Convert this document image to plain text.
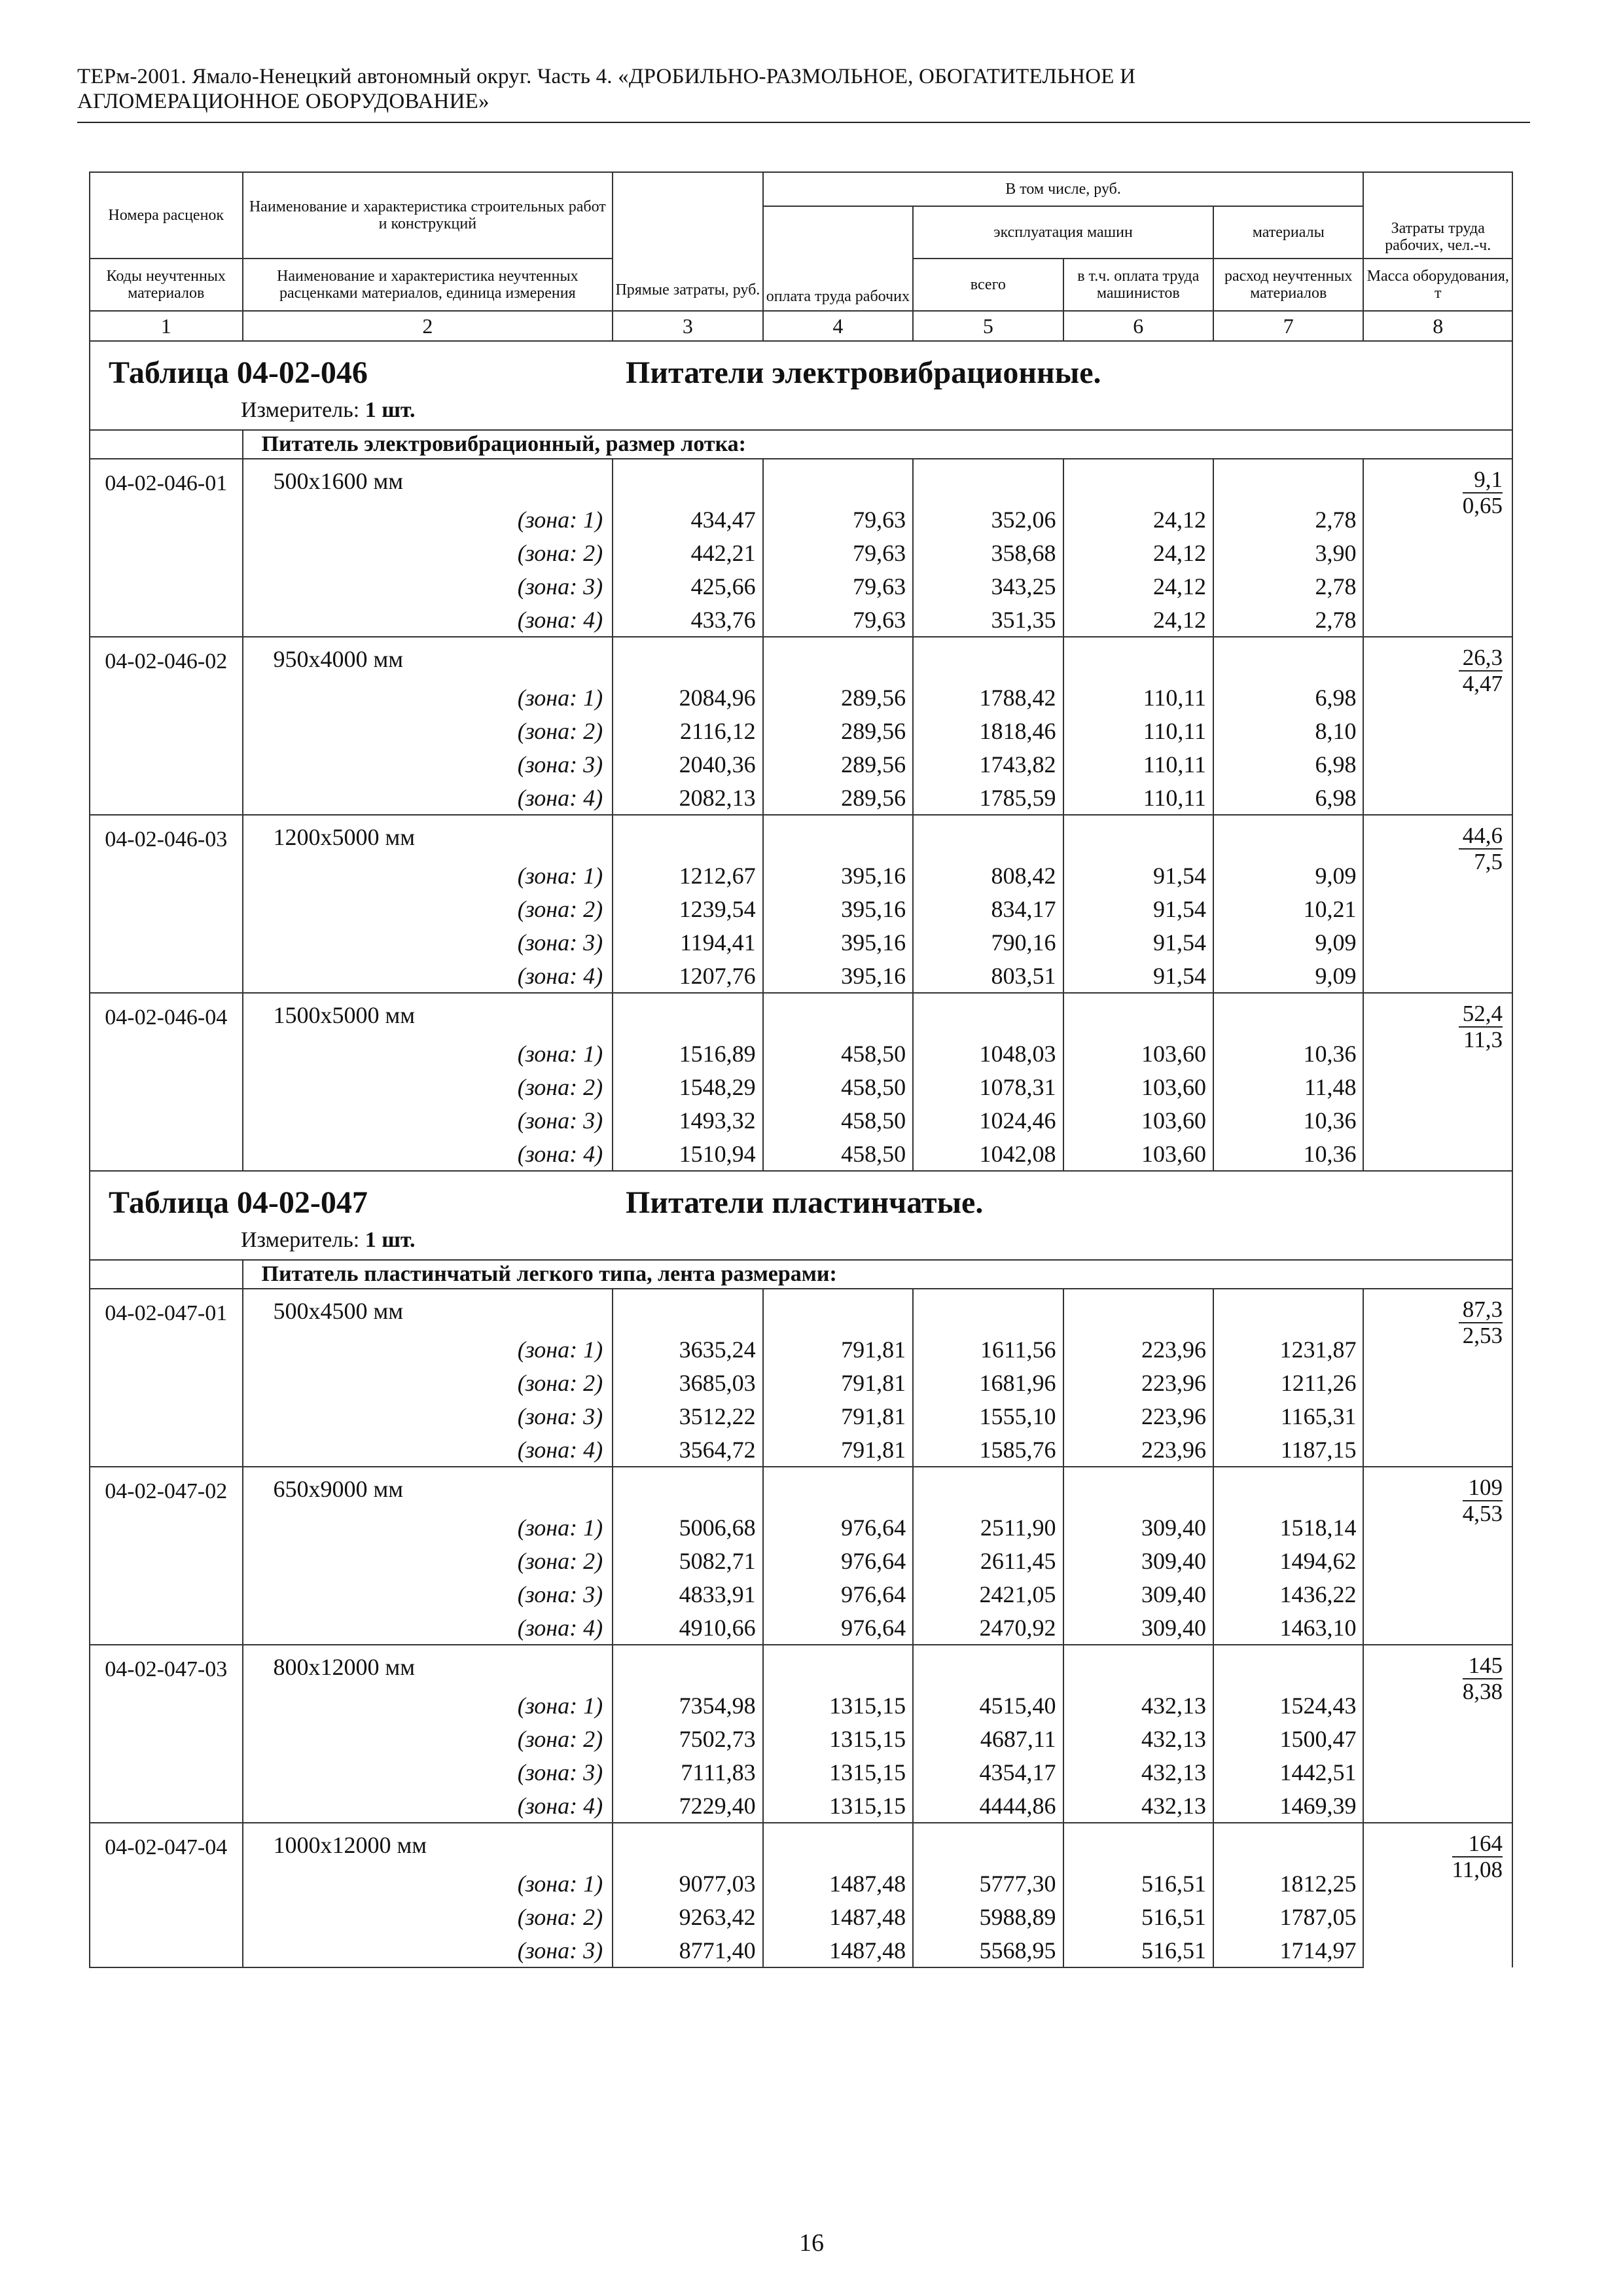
ТЕРм-2001. Ямало-Ненецкий автономный округ. Часть 4. «ДРОБИЛЬНО-РАЗМОЛЬНОЕ, ОБОГАТИТЕЛЬНОЕ И
АГЛОМЕРАЦИОННОЕ ОБОРУДОВАНИЕ»
Номера расценок	Наименование и характеристика строительных работ и конструкций	Прямые затраты, руб.	В том числе, руб.				Затраты труда рабочих, чел.-ч.
			оплата труда рабочих	эксплуатация машин		материалы	
Коды неучтенных материалов	Наименование и характеристика неучтенных расценками материалов, единица измерения			всего	в т.ч. оплата труда машинистов	расход неучтенных материалов	Масса оборудования, т
1	2	3	4	5	6	7	8

Таблица 04-02-046 Питатели электровибрационные.
Измеритель: 1 шт.							

	Питатель электровибрационный, размер лотка:						
04-02-046-01	500х1600 мм						$\frac{9,1}{0,65}$

	(зона: 1)	434,47	79,63	352,06	24,12	2,78	
	(зона: 2)	442,21	79,63	358,68	24,12	3,90	
	(зона: 3)	425,66	79,63	343,25	24,12	2,78	
	(зона: 4)	433,76	79,63	351,35	24,12	2,78	
04-02-046-02	950х4000 мм						$\frac{26,3}{4,47}$

	(зона: 1)	2084,96	289,56	1788,42	110,11	6,98	
	(зона: 2)	2116,12	289,56	1818,46	110,11	8,10	
	(зона: 3)	2040,36	289,56	1743,82	110,11	6,98	
	(зона: 4)	2082,13	289,56	1785,59	110,11	6,98	
04-02-046-03	1200х5000 мм						$\frac{44,6}{7,5}$

	(зона: 1)	1212,67	395,16	808,42	91,54	9,09	
	(зона: 2)	1239,54	395,16	834,17	91,54	10,21	
	(зона: 3)	1194,41	395,16	790,16	91,54	9,09	
	(зона: 4)	1207,76	395,16	803,51	91,54	9,09	
04-02-046-04	1500х5000 мм						$\frac{52,4}{11,3}$

	(зона: 1)	1516,89	458,50	1048,03	103,60	10,36	
	(зона: 2)	1548,29	458,50	1078,31	103,60	11,48	
	(зона: 3)	1493,32	458,50	1024,46	103,60	10,36	
	(зона: 4)	1510,94	458,50	1042,08	103,60	10,36	

Таблица 04-02-047 Питатели пластинчатые.
Измеритель: 1 шт.							

	Питатель пластинчатый легкого типа, лента размерами:						
04-02-047-01	500х4500 мм						$\frac{87,3}{2,53}$

	(зона: 1)	3635,24	791,81	1611,56	223,96	1231,87	
	(зона: 2)	3685,03	791,81	1681,96	223,96	1211,26	
	(зона: 3)	3512,22	791,81	1555,10	223,96	1165,31	
	(зона: 4)	3564,72	791,81	1585,76	223,96	1187,15	
04-02-047-02	650х9000 мм						$\frac{109}{4,53}$

	(зона: 1)	5006,68	976,64	2511,90	309,40	1518,14	
	(зона: 2)	5082,71	976,64	2611,45	309,40	1494,62	
	(зона: 3)	4833,91	976,64	2421,05	309,40	1436,22	
	(зона: 4)	4910,66	976,64	2470,92	309,40	1463,10	
04-02-047-03	800х12000 мм						$\frac{145}{8,38}$

	(зона: 1)	7354,98	1315,15	4515,40	432,13	1524,43	
	(зона: 2)	7502,73	1315,15	4687,11	432,13	1500,47	
	(зона: 3)	7111,83	1315,15	4354,17	432,13	1442,51	
	(зона: 4)	7229,40	1315,15	4444,86	432,13	1469,39	
04-02-047-04	1000х12000 мм						$\frac{164}{11,08}$

	(зона: 1)	9077,03	1487,48	5777,30	516,51	1812,25	
	(зона: 2)	9263,42	1487,48	5988,89	516,51	1787,05	
	(зона: 3)	8771,40	1487,48	5568,95	516,51	1714,97	
16
